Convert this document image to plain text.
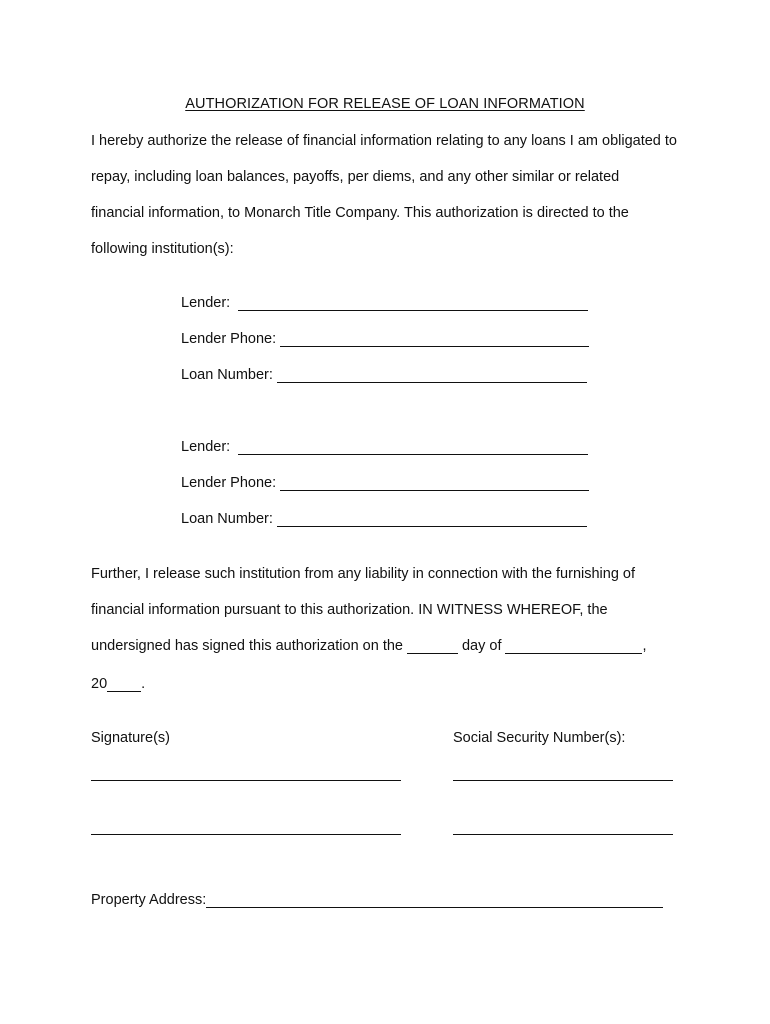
AUTHORIZATION FOR RELEASE OF LOAN INFORMATION
I hereby authorize the release of financial information relating to any loans I am obligated to
repay, including loan balances, payoffs, per diems, and any other similar or related
financial information, to Monarch Title Company. This authorization is directed to the
following institution(s):
Lender:
Lender Phone:
Loan Number:
Lender:
Lender Phone:
Loan Number:
Further, I release such institution from any liability in connection with the furnishing of
financial information pursuant to this authorization. IN WITNESS WHEREOF, the
undersigned has signed this authorization on the	day of	,
20 .
Signature(s)	Social Security Number(s):
Property Address:
